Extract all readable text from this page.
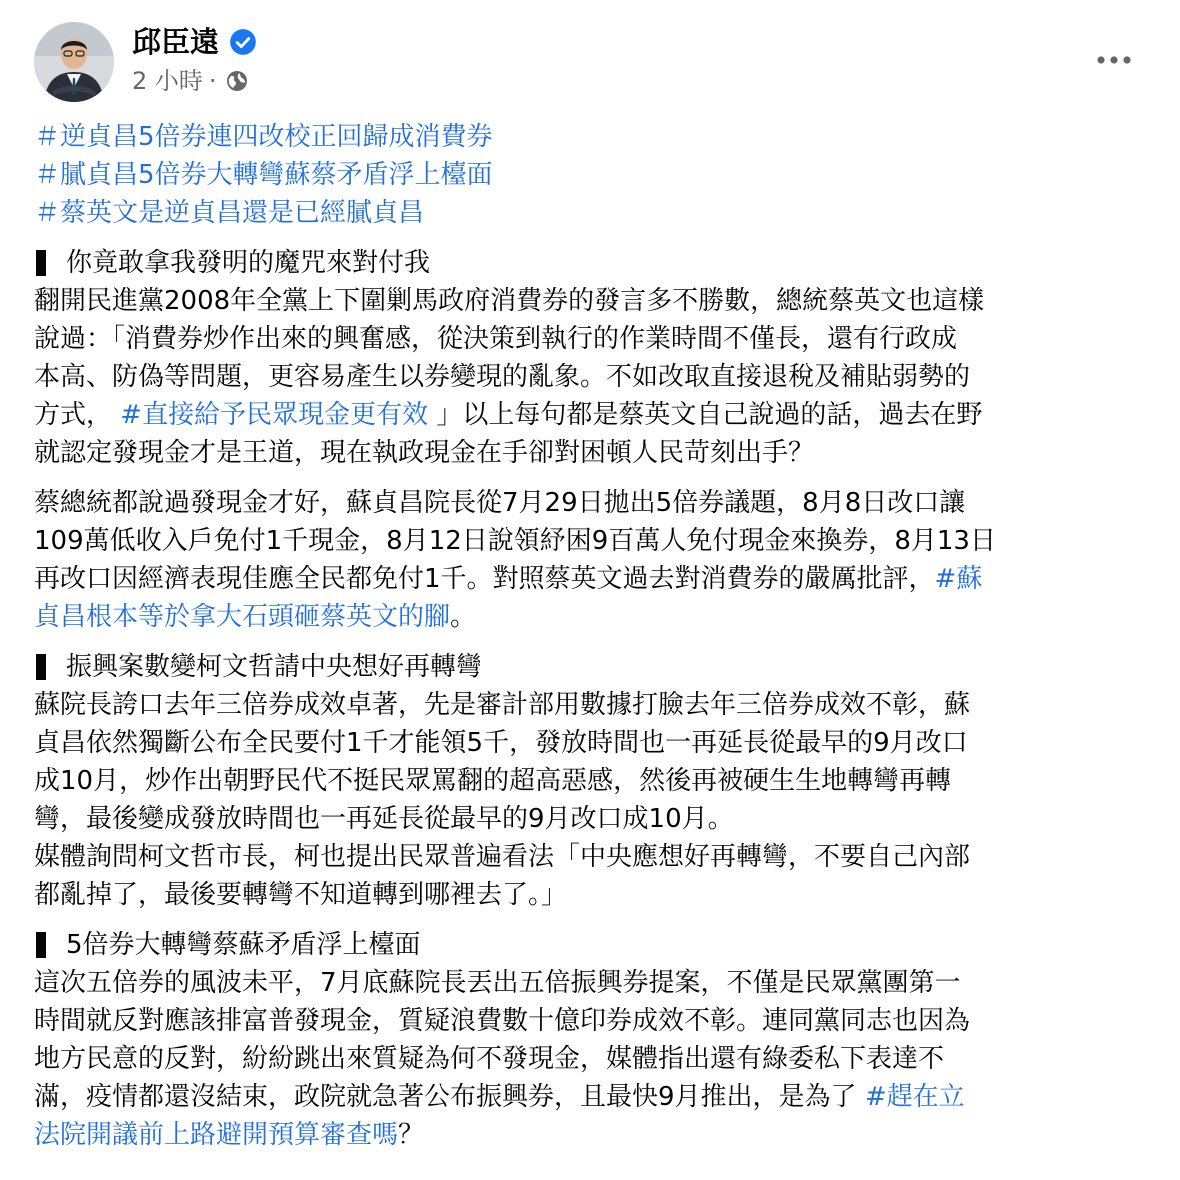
邱臣遠
2 小時 ·
＃逆貞昌5倍券連四改校正回歸成消費券
＃膩貞昌5倍券大轉彎蘇蔡矛盾浮上檯面
＃蔡英文是逆貞昌還是已經膩貞昌
你竟敢拿我發明的魔咒來對付我
翻開民進黨2008年全黨上下圍剿馬政府消費券的發言多不勝數，總統蔡英文也這樣
說過：「消費券炒作出來的興奮感，從決策到執行的作業時間不僅長，還有行政成
本高、防偽等問題，更容易產生以券變現的亂象。不如改取直接退稅及補貼弱勢的
方式， #直接給予民眾現金更有效 」以上每句都是蔡英文自己說過的話，過去在野
就認定發現金才是王道，現在執政現金在手卻對困頓人民苛刻出手？
蔡總統都說過發現金才好，蘇貞昌院長從7月29日拋出5倍券議題，8月8日改口讓
109萬低收入戶免付1千現金，8月12日說領紓困9百萬人免付現金來換券，8月13日
再改口因經濟表現佳應全民都免付1千。對照蔡英文過去對消費券的嚴厲批評，#蘇
貞昌根本等於拿大石頭砸蔡英文的腳。
振興案數變柯文哲請中央想好再轉彎
蘇院長誇口去年三倍券成效卓著，先是審計部用數據打臉去年三倍券成效不彰，蘇
貞昌依然獨斷公布全民要付1千才能領5千，發放時間也一再延長從最早的9月改口
成10月，炒作出朝野民代不挺民眾罵翻的超高惡感，然後再被硬生生地轉彎再轉
彎，最後變成發放時間也一再延長從最早的9月改口成10月。
媒體詢問柯文哲市長，柯也提出民眾普遍看法「中央應想好再轉彎，不要自己內部
都亂掉了，最後要轉彎不知道轉到哪裡去了。」
5倍券大轉彎蔡蘇矛盾浮上檯面
這次五倍券的風波未平，7月底蘇院長丟出五倍振興券提案，不僅是民眾黨團第一
時間就反對應該排富普發現金，質疑浪費數十億印券成效不彰。連同黨同志也因為
地方民意的反對，紛紛跳出來質疑為何不發現金，媒體指出還有綠委私下表達不
滿，疫情都還沒結束，政院就急著公布振興券，且最快9月推出，是為了 #趕在立
法院開議前上路避開預算審查嗎？
